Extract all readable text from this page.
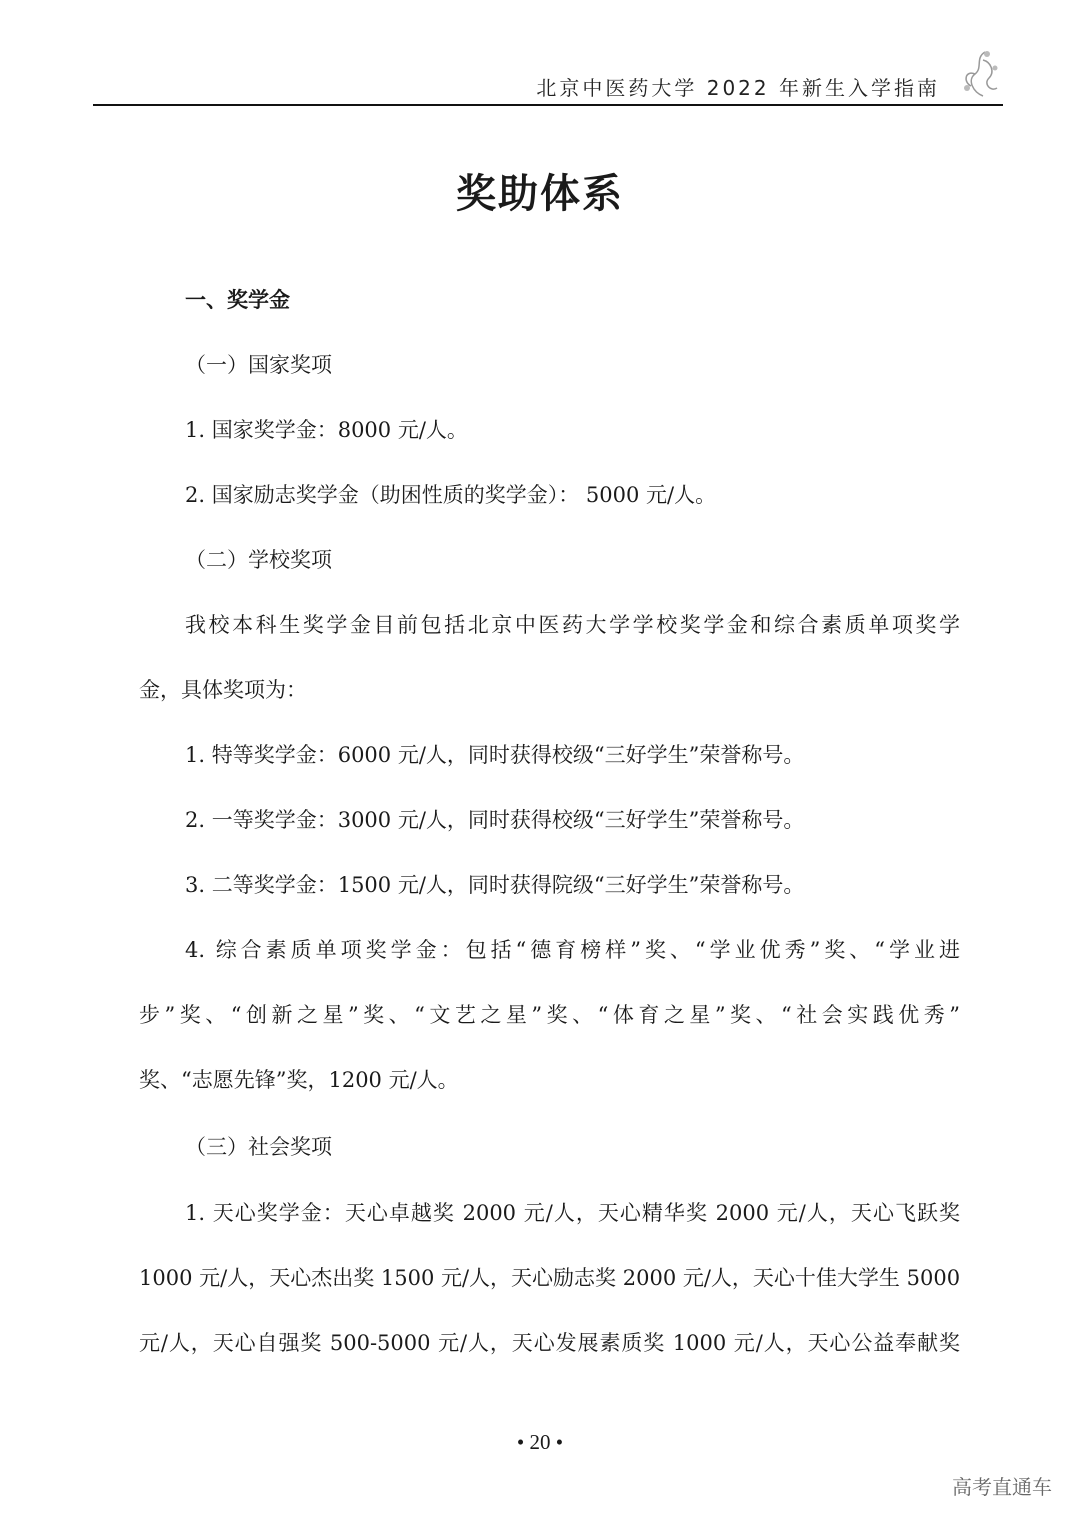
北京中医药大学 2022 年新生入学指南
奖助体系
一、奖学金
（一）国家奖项
1. 国家奖学金：8000 元/人。
2. 国家励志奖学金（助困性质的奖学金）： 5000 元/人。
（二）学校奖项
我校本科生奖学金目前包括北京中医药大学学校奖学金和综合素质单项奖学
金，具体奖项为：
1. 特等奖学金：6000 元/人，同时获得校级“三好学生”荣誉称号。
2. 一等奖学金：3000 元/人，同时获得校级“三好学生”荣誉称号。
3. 二等奖学金：1500 元/人，同时获得院级“三好学生”荣誉称号。
4. 综合素质单项奖学金：包括“德育榜样”奖、“学业优秀”奖、“学业进
步”奖、“创新之星”奖、“文艺之星”奖、“体育之星”奖、“社会实践优秀”
奖、“志愿先锋”奖，1200 元/人。
（三）社会奖项
1. 天心奖学金：天心卓越奖 2000 元/人，天心精华奖 2000 元/人，天心飞跃奖
1000 元/人，天心杰出奖 1500 元/人，天心励志奖 2000 元/人，天心十佳大学生 5000
元/人，天心自强奖 500-5000 元/人，天心发展素质奖 1000 元/人，天心公益奉献奖
• 20 •
高考直通车
